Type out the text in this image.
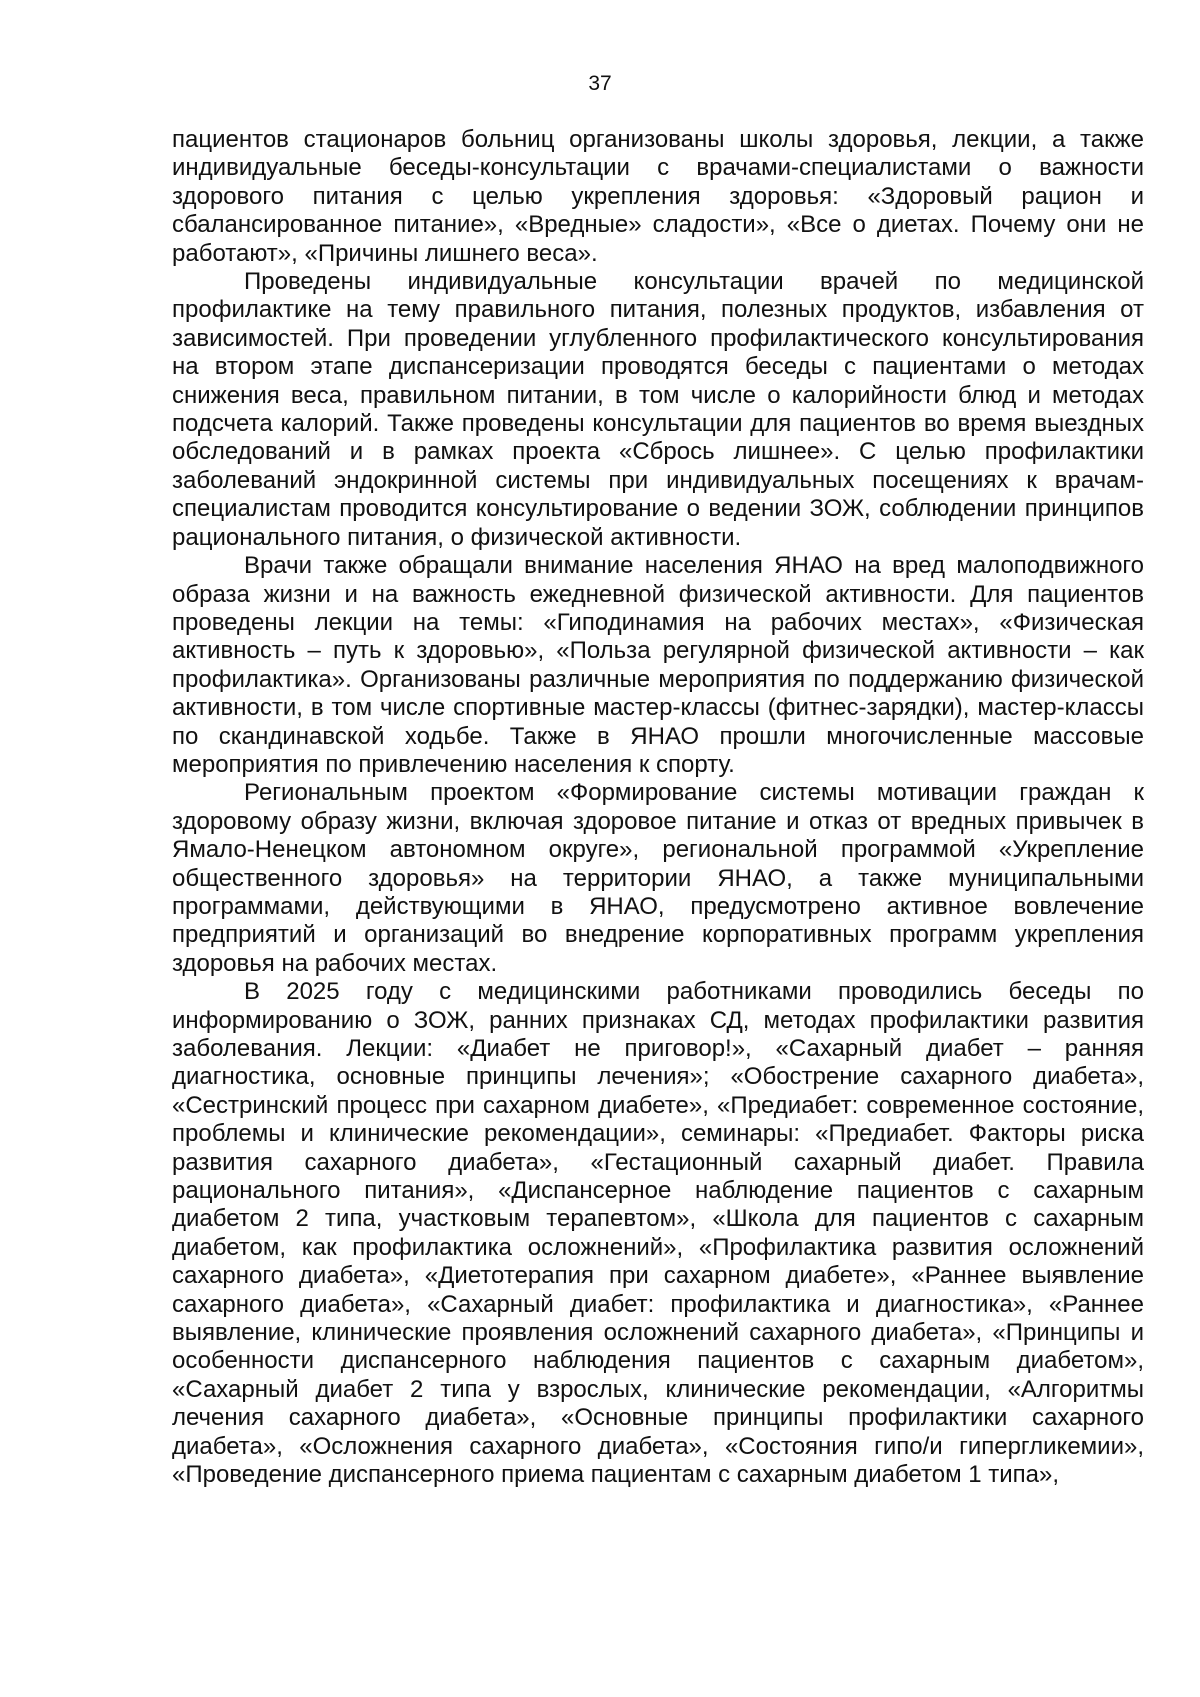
37

пациентов стационаров больниц организованы школы здоровья, лекции, а также индивидуальные беседы-консультации с врачами-специалистами о важности здорового питания с целью укрепления здоровья: «Здоровый рацион и сбалансированное питание», «Вредные» сладости», «Все о диетах. Почему они не работают», «Причины лишнего веса».

Проведены индивидуальные консультации врачей по медицинской профилактике на тему правильного питания, полезных продуктов, избавления от зависимостей. При проведении углубленного профилактического консультирования на втором этапе диспансеризации проводятся беседы с пациентами о методах снижения веса, правильном питании, в том числе о калорийности блюд и методах подсчета калорий. Также проведены консультации для пациентов во время выездных обследований и в рамках проекта «Сбрось лишнее». С целью профилактики заболеваний эндокринной системы при индивидуальных посещениях к врачам-специалистам проводится консультирование о ведении ЗОЖ, соблюдении принципов рационального питания, о физической активности.

Врачи также обращали внимание населения ЯНАО на вред малоподвижного образа жизни и на важность ежедневной физической активности. Для пациентов проведены лекции на темы: «Гиподинамия на рабочих местах», «Физическая активность – путь к здоровью», «Польза регулярной физической активности – как профилактика». Организованы различные мероприятия по поддержанию физической активности, в том числе спортивные мастер-классы (фитнес-зарядки), мастер-классы по скандинавской ходьбе. Также в ЯНАО прошли многочисленные массовые мероприятия по привлечению населения к спорту.

Региональным проектом «Формирование системы мотивации граждан к здоровому образу жизни, включая здоровое питание и отказ от вредных привычек в Ямало-Ненецком автономном округе», региональной программой «Укрепление общественного здоровья» на территории ЯНАО, а также муниципальными программами, действующими в ЯНАО, предусмотрено активное вовлечение предприятий и организаций во внедрение корпоративных программ укрепления здоровья на рабочих местах.

В 2025 году с медицинскими работниками проводились беседы по информированию о ЗОЖ, ранних признаках СД, методах профилактики развития заболевания. Лекции: «Диабет не приговор!», «Сахарный диабет – ранняя диагностика, основные принципы лечения»; «Обострение сахарного диабета», «Сестринский процесс при сахарном диабете», «Предиабет: современное состояние, проблемы и клинические рекомендации», семинары: «Предиабет. Факторы риска развития сахарного диабета», «Гестационный сахарный диабет. Правила рационального питания», «Диспансерное наблюдение пациентов с сахарным диабетом 2 типа, участковым терапевтом», «Школа для пациентов с сахарным диабетом, как профилактика осложнений», «Профилактика развития осложнений сахарного диабета», «Диетотерапия при сахарном диабете», «Раннее выявление сахарного диабета», «Сахарный диабет: профилактика и диагностика», «Раннее выявление, клинические проявления осложнений сахарного диабета», «Принципы и особенности диспансерного наблюдения пациентов с сахарным диабетом», «Сахарный диабет 2 типа у взрослых, клинические рекомендации, «Алгоритмы лечения сахарного диабета», «Основные принципы профилактики сахарного диабета», «Осложнения сахарного диабета», «Состояния гипо/и гипергликемии», «Проведение диспансерного приема пациентам с сахарным диабетом 1 типа»,
